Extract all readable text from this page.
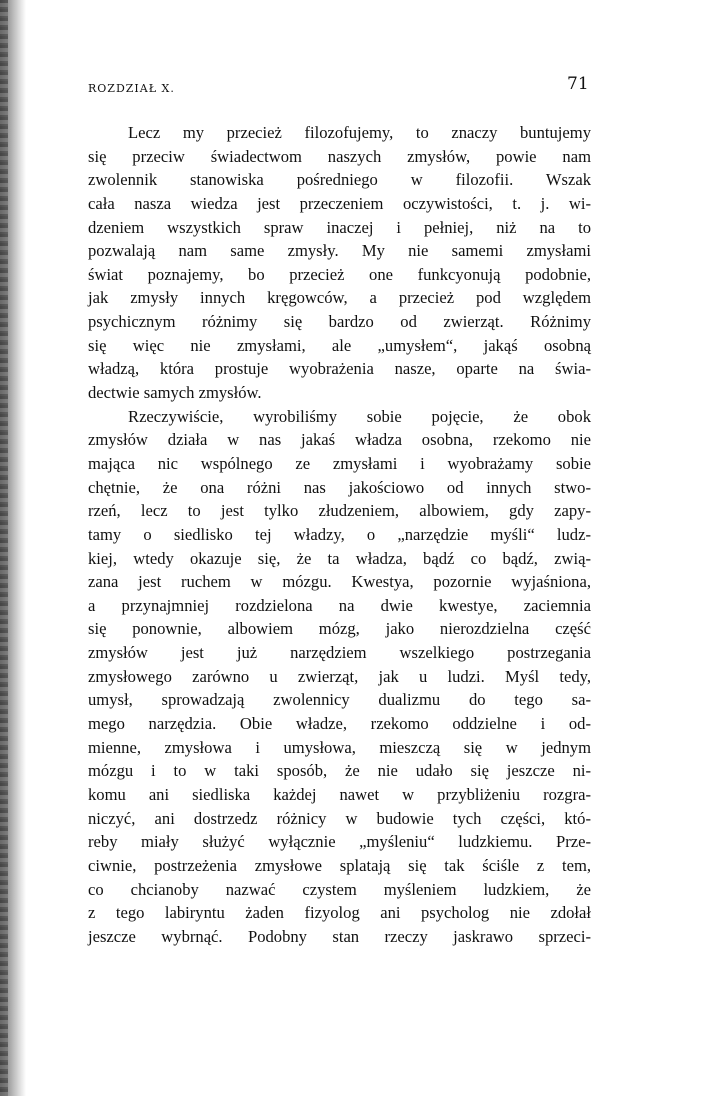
ROZDZIAŁ X.	71
Lecz my przecież filozofujemy, to znaczy buntujemy
się przeciw świadectwom naszych zmysłów, powie nam
zwolennik stanowiska pośredniego w filozofii. Wszak
cała nasza wiedza jest przeczeniem oczywistości, t. j. wi-
dzeniem wszystkich spraw inaczej i pełniej, niż na to
pozwalają nam same zmysły. My nie samemi zmysłami
świat poznajemy, bo przecież one funkcyonują podobnie,
jak zmysły innych kręgowców, a przecież pod względem
psychicznym różnimy się bardzo od zwierząt. Różnimy
się więc nie zmysłami, ale „umysłem“, jakąś osobną
władzą, która prostuje wyobrażenia nasze, oparte na świa-
dectwie samych zmysłów.
Rzeczywiście, wyrobiliśmy sobie pojęcie, że obok
zmysłów działa w nas jakaś władza osobna, rzekomo nie
mająca nic wspólnego ze zmysłami i wyobrażamy sobie
chętnie, że ona różni nas jakościowo od innych stwo-
rzeń, lecz to jest tylko złudzeniem, albowiem, gdy zapy-
tamy o siedlisko tej władzy, o „narzędzie myśli“ ludz-
kiej, wtedy okazuje się, że ta władza, bądź co bądź, zwią-
zana jest ruchem w mózgu. Kwestya, pozornie wyjaśniona,
a przynajmniej rozdzielona na dwie kwestye, zaciemnia
się ponownie, albowiem mózg, jako nierozdzielna część
zmysłów jest już narzędziem wszelkiego postrzegania
zmysłowego zarówno u zwierząt, jak u ludzi. Myśl tedy,
umysł, sprowadzają zwolennicy dualizmu do tego sa-
mego narzędzia. Obie władze, rzekomo oddzielne i od-
mienne, zmysłowa i umysłowa, mieszczą się w jednym
mózgu i to w taki sposób, że nie udało się jeszcze ni-
komu ani siedliska każdej nawet w przybliżeniu rozgra-
niczyć, ani dostrzedz różnicy w budowie tych części, któ-
reby miały służyć wyłącznie „myśleniu“ ludzkiemu. Prze-
ciwnie, postrzeżenia zmysłowe splatają się tak ściśle z tem,
co chcianoby nazwać czystem myśleniem ludzkiem, że
z tego labiryntu żaden fizyolog ani psycholog nie zdołał
jeszcze wybrnąć. Podobny stan rzeczy jaskrawo sprzeci-
